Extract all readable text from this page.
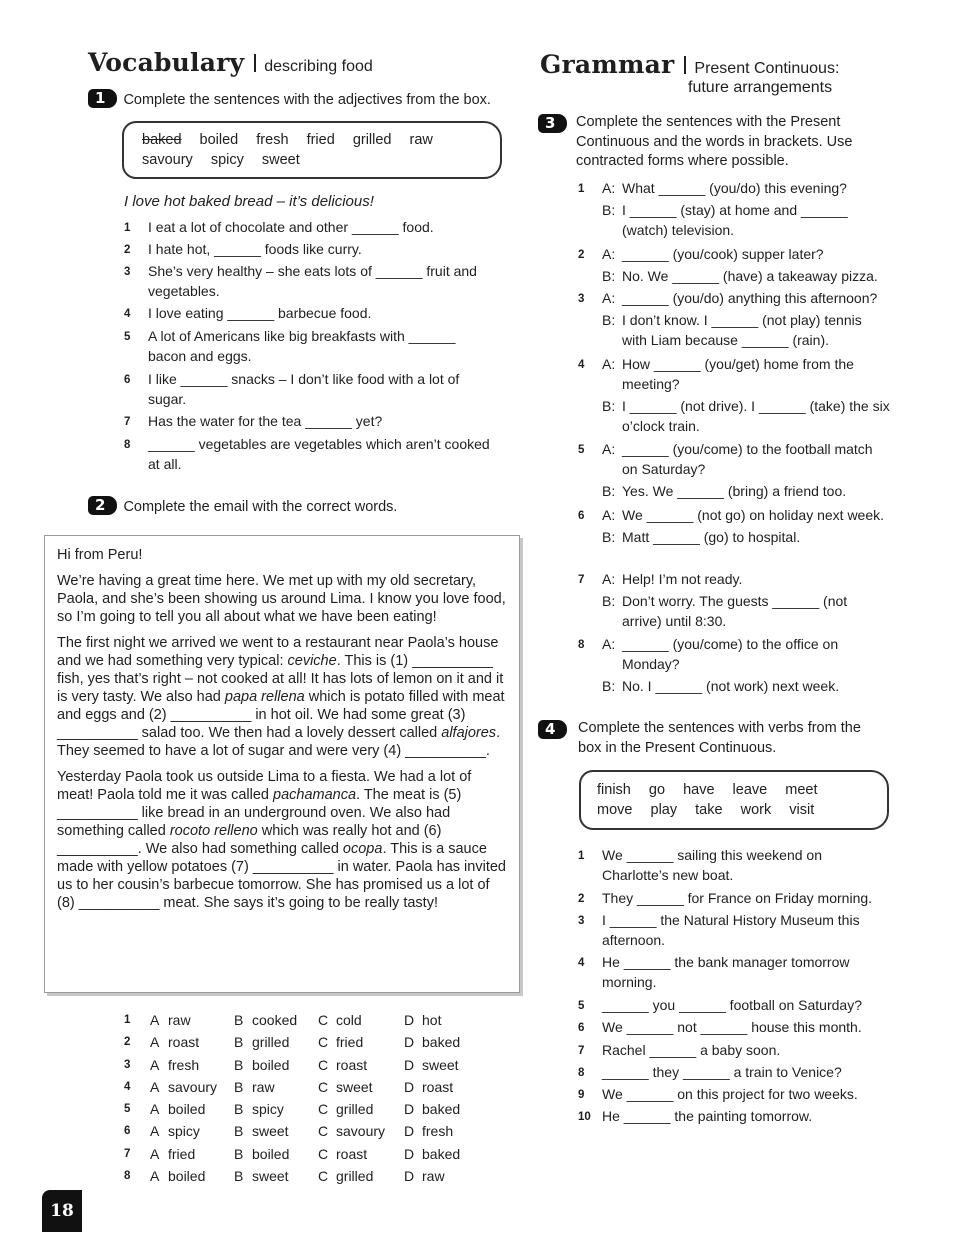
Vocabulary describing food
1 Complete the sentences with the adjectives from the box.
baked boiled fresh fried grilled raw
savoury spicy sweet
I love hot baked bread – it’s delicious!
1 I eat a lot of chocolate and other ______ food.
2 I hate hot, ______ foods like curry.
3 She’s very healthy – she eats lots of ______ fruit and vegetables.
4 I love eating ______ barbecue food.
5 A lot of Americans like big breakfasts with ______ bacon and eggs.
6 I like ______ snacks – I don’t like food with a lot of sugar.
7 Has the water for the tea ______ yet?
8 ______ vegetables are vegetables which aren’t cooked at all.
2 Complete the email with the correct words.

Hi from Peru!

We’re having a great time here. We met up with my old secretary, Paola, and she’s been showing us around Lima. I know you love food, so I’m going to tell you all about what we have been eating!

The first night we arrived we went to a restaurant near Paola’s house and we had something very typical: ceviche. This is (1) __________ fish, yes that’s right – not cooked at all! It has lots of lemon on it and it is very tasty. We also had papa rellena which is potato filled with meat and eggs and (2) __________ in hot oil. We had some great (3) __________ salad too. We then had a lovely dessert called alfajores. They seemed to have a lot of sugar and were very (4) __________.

Yesterday Paola took us outside Lima to a fiesta. We had a lot of meat! Paola told me it was called pachamanca. The meat is (5) __________ like bread in an underground oven. We also had something called rocoto relleno which was really hot and (6) __________. We also had something called ocopa. This is a sauce made with yellow potatoes (7) __________ in water. Paola has invited us to her cousin’s barbecue tomorrow. She has promised us a lot of (8) __________ meat. She says it’s going to be really tasty!

1 A raw	B cooked C cold	D hot
2 A roast B grilled C fried	D baked
3 A fresh B boiled C roast	D sweet
4 A savoury B raw	C sweet D roast
5 A boiled B spicy C grilled D baked
6 A spicy B sweet C savoury D fresh
7 A fried	B boiled C roast	D baked
8 A boiled B sweet C grilled D raw
Grammar Present Continuous:
future arrangements
3	Complete the sentences with the Present Continuous and the words in brackets. Use contracted forms where possible.
1 A: What ______ (you/do) this evening?
B: I ______ (stay) at home and ______ (watch) television.
2 A: ______ (you/cook) supper later?
B: No. We ______ (have) a takeaway pizza.
3 A: ______ (you/do) anything this afternoon?
B: I don’t know. I ______ (not play) tennis with Liam because ______ (rain).
4 A: How ______ (you/get) home from the meeting?
B: I ______ (not drive). I ______ (take) the six o’clock train.
5 A: ______ (you/come) to the football match on Saturday?
B: Yes. We ______ (bring) a friend too.
6 A: We ______ (not go) on holiday next week.
B: Matt ______ (go) to hospital.
7 A: Help! I’m not ready.
B: Don’t worry. The guests ______ (not arrive) until 8:30.
8 A: ______ (you/come) to the office on Monday?
B: No. I ______ (not work) next week.
4	Complete the sentences with verbs from the box in the Present Continuous.
finish go have leave meet
move play take work visit
1 We ______ sailing this weekend on Charlotte’s new boat.
2 They ______ for France on Friday morning.
3 I ______ the Natural History Museum this afternoon.
4 He ______ the bank manager tomorrow morning.
5 ______ you ______ football on Saturday?
6 We ______ not ______ house this month.
7 Rachel ______ a baby soon.
8 ______ they ______ a train to Venice?
9 We ______ on this project for two weeks.
10 He ______ the painting tomorrow.
18
